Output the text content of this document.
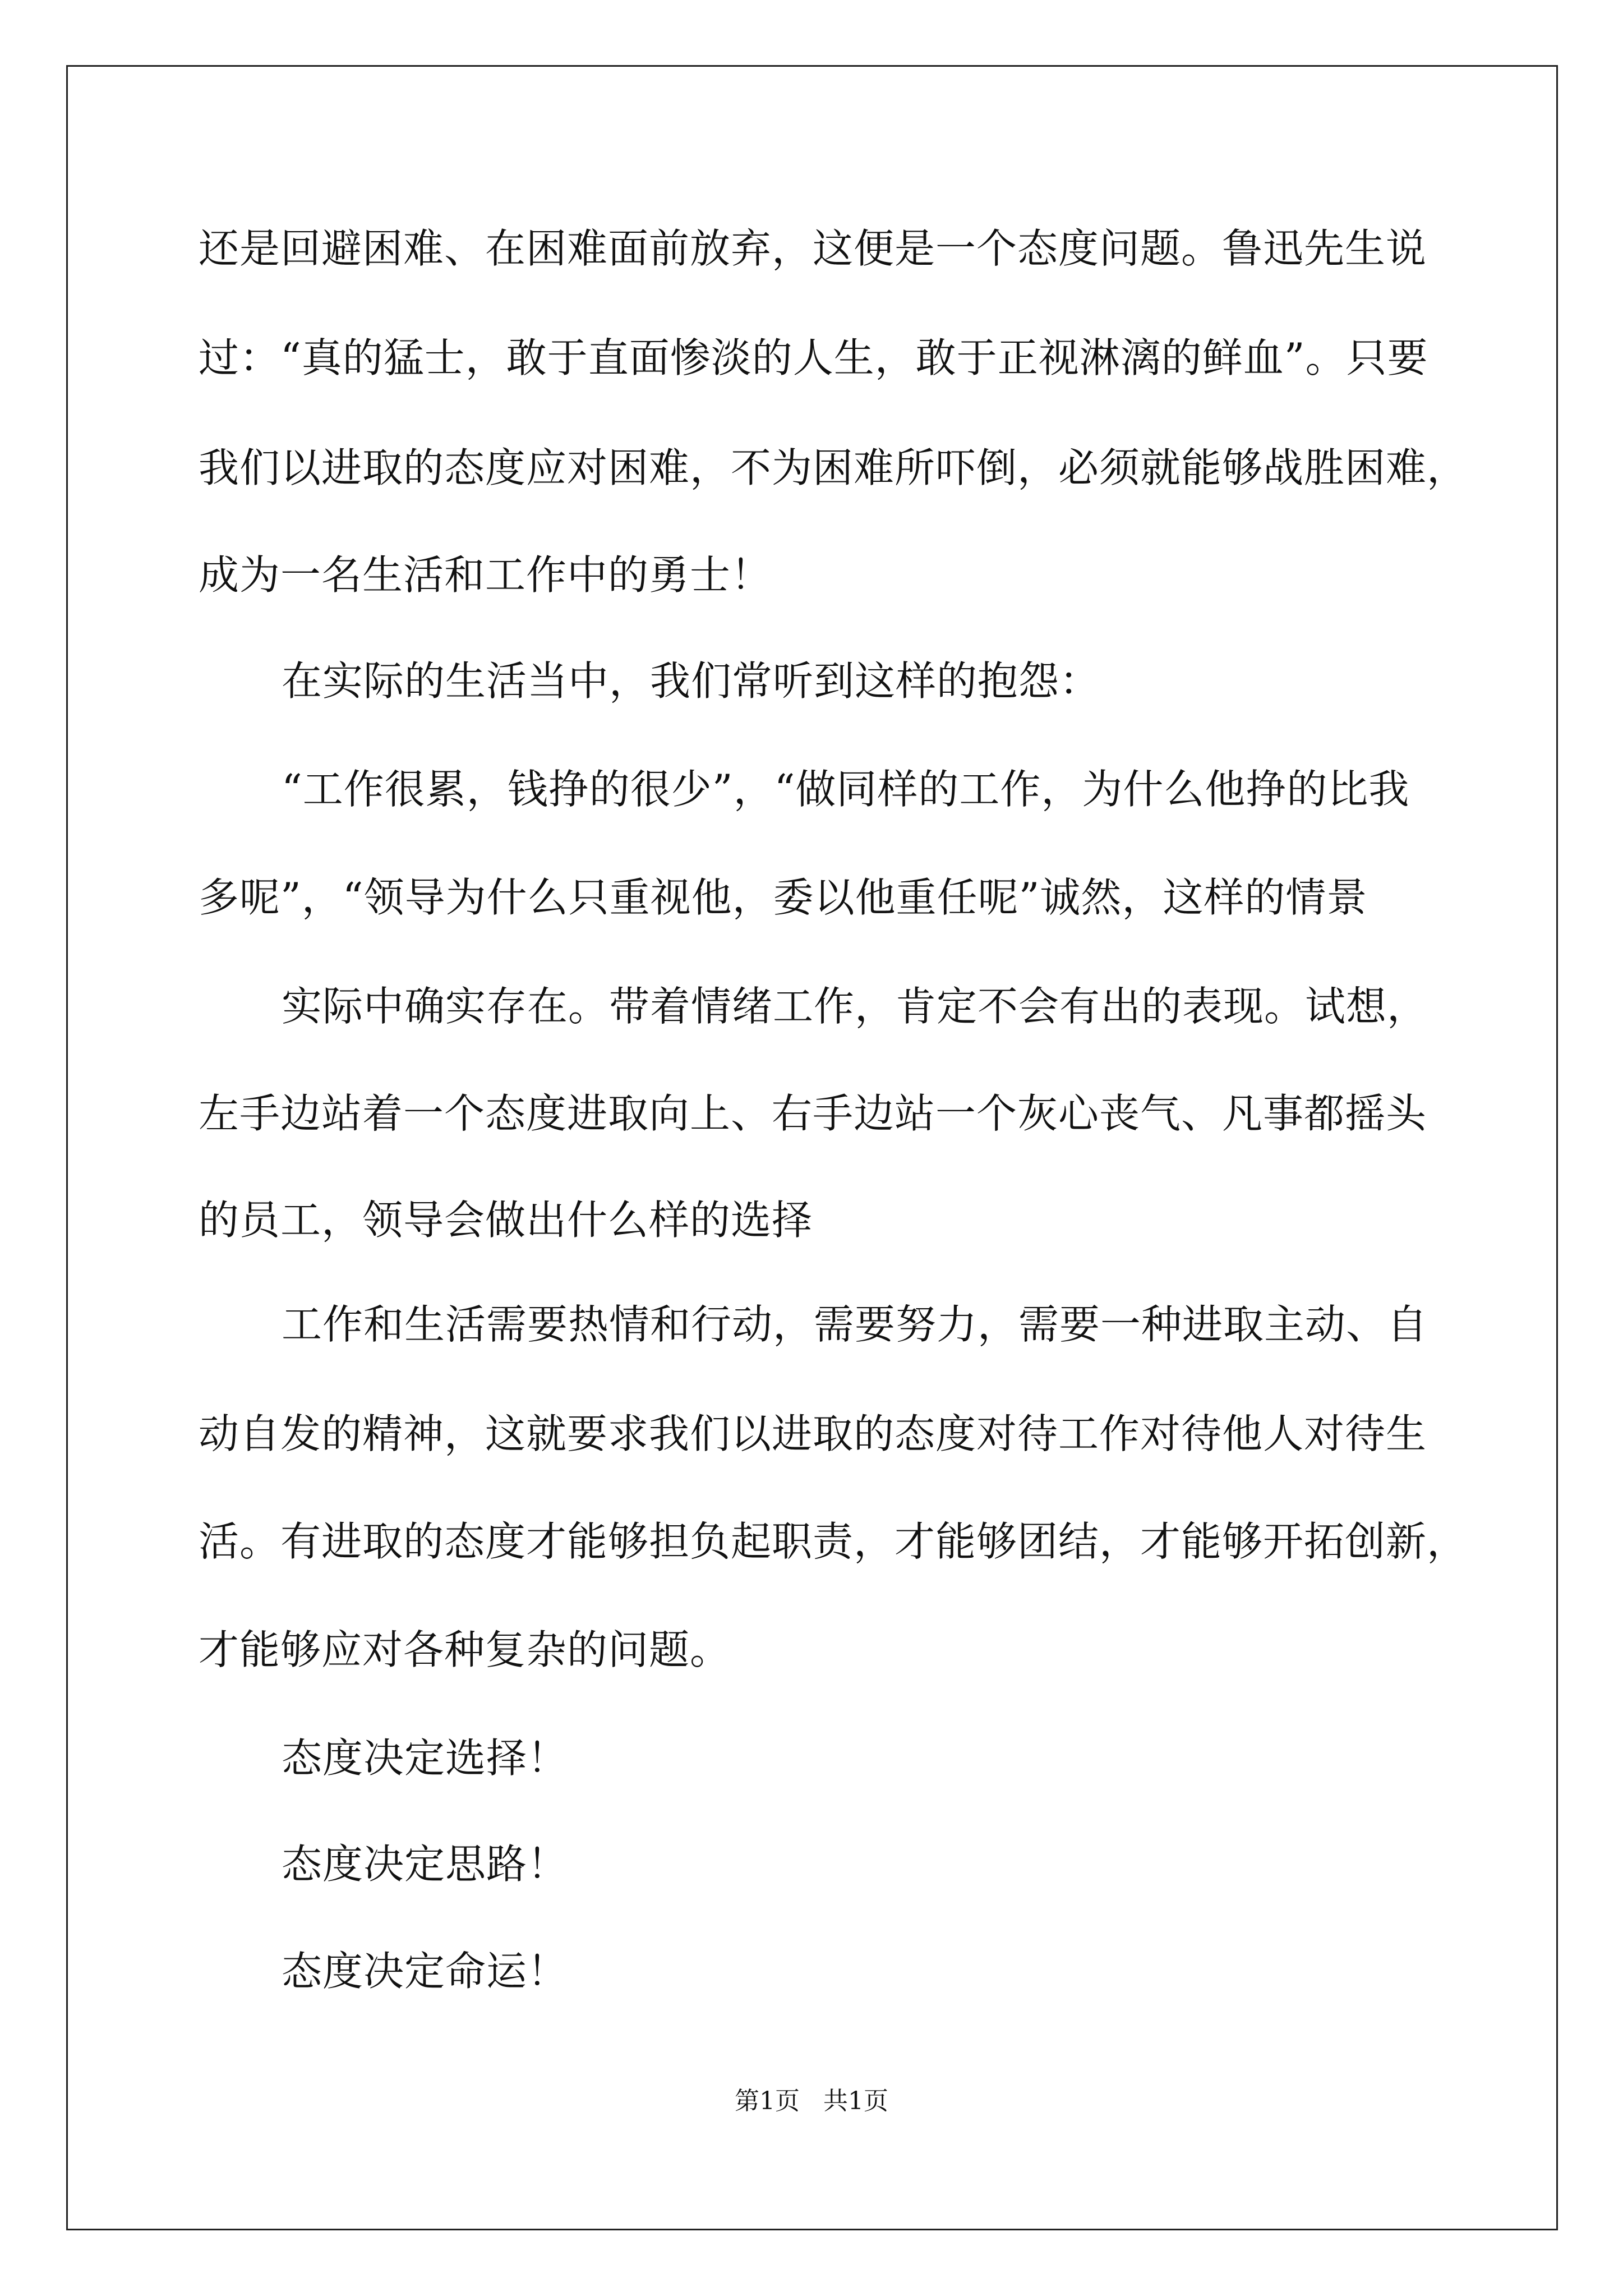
还是回避困难、在困难面前放弃，这便是一个态度问题。鲁迅先生说
过：“真的猛士，敢于直面惨淡的人生，敢于正视淋漓的鲜血”。只要
我们以进取的态度应对困难，不为困难所吓倒，必须就能够战胜困难，
成为一名生活和工作中的勇士！
在实际的生活当中，我们常听到这样的抱怨：
“工作很累，钱挣的很少”，“做同样的工作，为什么他挣的比我
多呢”，“领导为什么只重视他，委以他重任呢”诚然，这样的情景
实际中确实存在。带着情绪工作，肯定不会有出的表现。试想，
左手边站着一个态度进取向上、右手边站一个灰心丧气、凡事都摇头
的员工，领导会做出什么样的选择
工作和生活需要热情和行动，需要努力，需要一种进取主动、自
动自发的精神，这就要求我们以进取的态度对待工作对待他人对待生
活。有进取的态度才能够担负起职责，才能够团结，才能够开拓创新，
才能够应对各种复杂的问题。
态度决定选择！
态度决定思路！
态度决定命运！
第1页 共1页
